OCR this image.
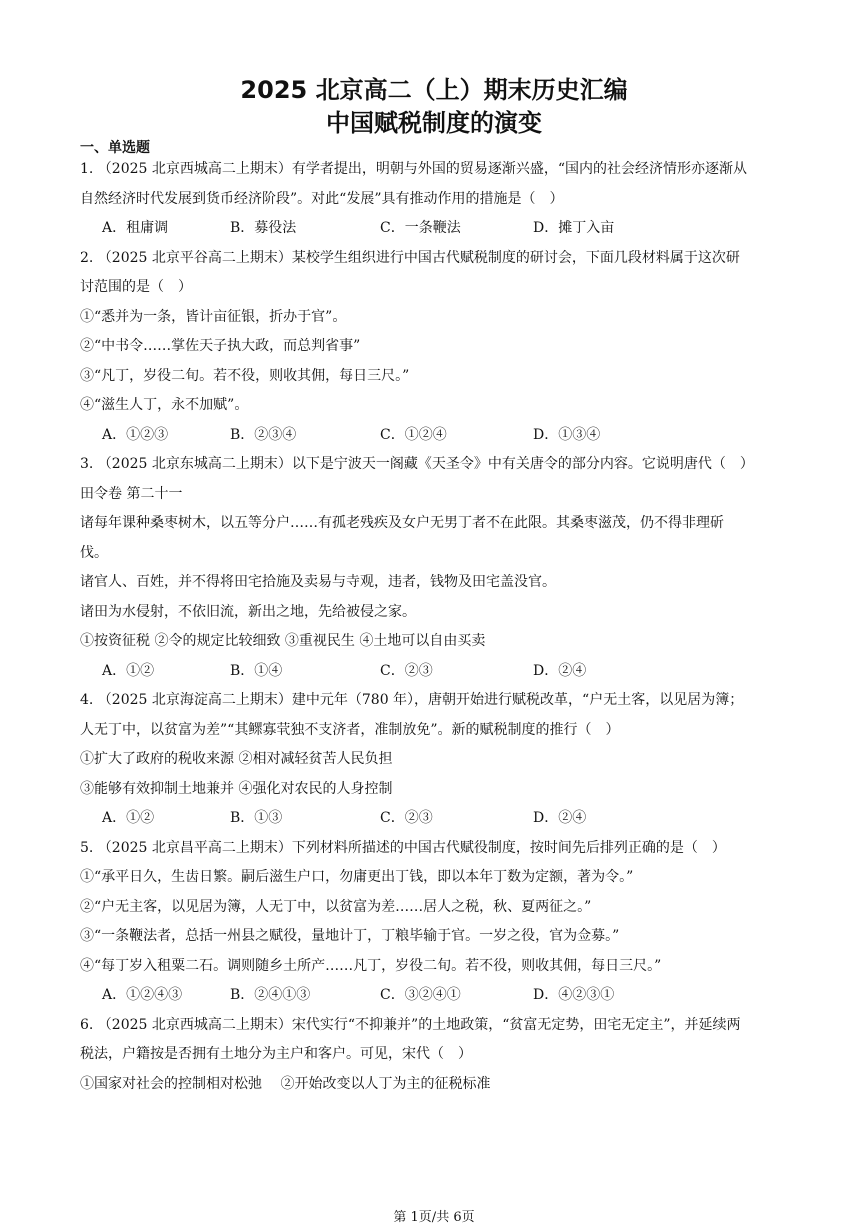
2025 北京高二（上）期末历史汇编
中国赋税制度的演变
一、单选题
1. （2025 北京西城高二上期末）有学者提出，明朝与外国的贸易逐渐兴盛，“国内的社会经济情形亦逐渐从
自然经济时代发展到货币经济阶段”。对此“发展”具有推动作用的措施是（　）
A．租庸调	B．募役法	C．一条鞭法	D．摊丁入亩
2. （2025 北京平谷高二上期末）某校学生组织进行中国古代赋税制度的研讨会，下面几段材料属于这次研
讨范围的是（　）
①“悉并为一条，皆计亩征银，折办于官”。
②“中书令……掌佐天子执大政，而总判省事”
③“凡丁，岁役二旬。若不役，则收其佣，每日三尺。”
④“滋生人丁，永不加赋”。
A．①②③	B．②③④	C．①②④	D．①③④
3. （2025 北京东城高二上期末）以下是宁波天一阁藏《天圣令》中有关唐令的部分内容。它说明唐代（　）
田令卷 第二十一
诸每年课种桑枣树木，以五等分户……有孤老残疾及女户无男丁者不在此限。其桑枣滋茂，仍不得非理斫
伐。
诸官人、百姓，并不得将田宅拾施及卖易与寺观，违者，钱物及田宅盖没官。
诸田为水侵射，不依旧流，新出之地，先给被侵之家。
①按资征税 ②令的规定比较细致 ③重视民生 ④土地可以自由买卖
A．①②	B．①④	C．②③	D．②④
4. （2025 北京海淀高二上期末）建中元年（780 年），唐朝开始进行赋税改革，“户无土客，以见居为簿；
人无丁中，以贫富为差”“其鳏寡茕独不支济者，准制放免”。新的赋税制度的推行（　）
①扩大了政府的税收来源 ②相对减轻贫苦人民负担
③能够有效抑制土地兼并 ④强化对农民的人身控制
A．①②	B．①③	C．②③	D．②④
5. （2025 北京昌平高二上期末）下列材料所描述的中国古代赋役制度，按时间先后排列正确的是（　）
①“承平日久，生齿日繁。嗣后滋生户口，勿庸更出丁钱，即以本年丁数为定额，著为令。”
②“户无主客，以见居为簿，人无丁中，以贫富为差……居人之税，秋、夏两征之。”
③“一条鞭法者，总括一州县之赋役，量地计丁，丁粮毕输于官。一岁之役，官为佥募。”
④“每丁岁入租粟二石。调则随乡土所产……凡丁，岁役二旬。若不役，则收其佣，每日三尺。”
A．①②④③	B．②④①③	C．③②④①	D．④②③①
6. （2025 北京西城高二上期末）宋代实行“不抑兼并”的土地政策，“贫富无定势，田宅无定主”，并延续两
税法，户籍按是否拥有土地分为主户和客户。可见，宋代（　）
①国家对社会的控制相对松弛　 ②开始改变以人丁为主的征税标准
第 1页/共 6页
